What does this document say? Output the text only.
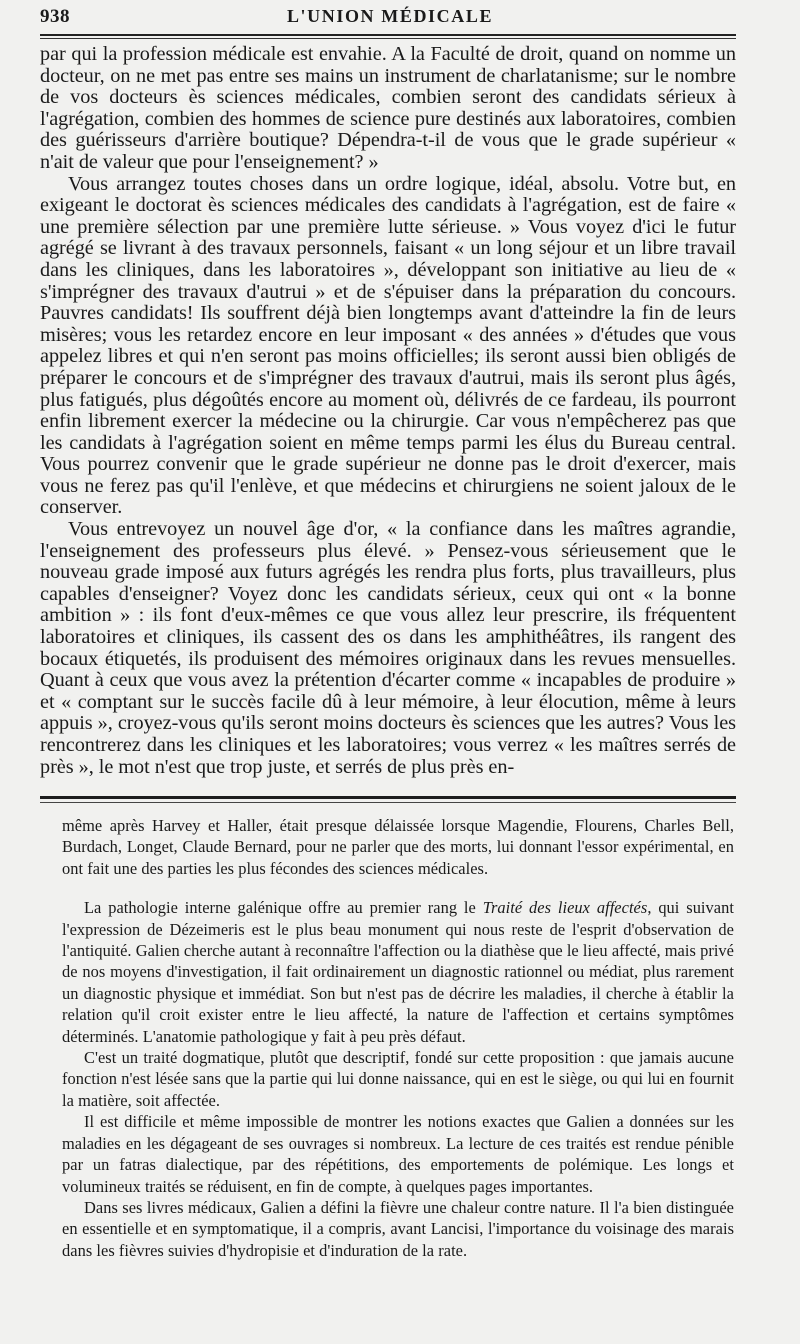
938	L'UNION MÉDICALE

par qui la profession médicale est envahie. A la Faculté de droit, quand on nomme un docteur, on ne met pas entre ses mains un instrument de charlatanisme; sur le nombre de vos docteurs ès sciences médicales, combien seront des candidats sérieux à l'agrégation, combien des hommes de science pure destinés aux laboratoires, combien des guérisseurs d'arrière boutique? Dépendra-t-il de vous que le grade supérieur « n'ait de valeur que pour l'enseignement? »

Vous arrangez toutes choses dans un ordre logique, idéal, absolu. Votre but, en exigeant le doctorat ès sciences médicales des candidats à l'agrégation, est de faire « une première sélection par une première lutte sérieuse. » Vous voyez d'ici le futur agrégé se livrant à des travaux personnels, faisant « un long séjour et un libre travail dans les cliniques, dans les laboratoires », développant son initiative au lieu de « s'imprégner des travaux d'autrui » et de s'épuiser dans la préparation du concours. Pauvres candidats! Ils souffrent déjà bien longtemps avant d'atteindre la fin de leurs misères; vous les retardez encore en leur imposant « des années » d'études que vous appelez libres et qui n'en seront pas moins officielles; ils seront aussi bien obligés de préparer le concours et de s'imprégner des travaux d'autrui, mais ils seront plus âgés, plus fatigués, plus dégoûtés encore au moment où, délivrés de ce fardeau, ils pourront enfin librement exercer la médecine ou la chirurgie. Car vous n'empêcherez pas que les candidats à l'agrégation soient en même temps parmi les élus du Bureau central. Vous pourrez convenir que le grade supérieur ne donne pas le droit d'exercer, mais vous ne ferez pas qu'il l'enlève, et que médecins et chirurgiens ne soient jaloux de le conserver.

Vous entrevoyez un nouvel âge d'or, « la confiance dans les maîtres agrandie, l'enseignement des professeurs plus élevé. » Pensez-vous sérieusement que le nouveau grade imposé aux futurs agrégés les rendra plus forts, plus travailleurs, plus capables d'enseigner? Voyez donc les candidats sérieux, ceux qui ont « la bonne ambition » : ils font d'eux-mêmes ce que vous allez leur prescrire, ils fréquentent laboratoires et cliniques, ils cassent des os dans les amphithéâtres, ils rangent des bocaux étiquetés, ils produisent des mémoires originaux dans les revues mensuelles. Quant à ceux que vous avez la prétention d'écarter comme « incapables de produire » et « comptant sur le succès facile dû à leur mémoire, à leur élocution, même à leurs appuis », croyez-vous qu'ils seront moins docteurs ès sciences que les autres? Vous les rencontrerez dans les cliniques et les laboratoires; vous verrez « les maîtres serrés de près », le mot n'est que trop juste, et serrés de plus près en-

même après Harvey et Haller, était presque délaissée lorsque Magendie, Flourens, Charles Bell, Burdach, Longet, Claude Bernard, pour ne parler que des morts, lui donnant l'essor expérimental, en ont fait une des parties les plus fécondes des sciences médicales.

La pathologie interne galénique offre au premier rang le Traité des lieux affectés, qui suivant l'expression de Dézeimeris est le plus beau monument qui nous reste de l'esprit d'observation de l'antiquité. Galien cherche autant à reconnaître l'affection ou la diathèse que le lieu affecté, mais privé de nos moyens d'investigation, il fait ordinairement un diagnostic rationnel ou médiat, plus rarement un diagnostic physique et immédiat. Son but n'est pas de décrire les maladies, il cherche à établir la relation qu'il croit exister entre le lieu affecté, la nature de l'affection et certains symptômes déterminés. L'anatomie pathologique y fait à peu près défaut.

C'est un traité dogmatique, plutôt que descriptif, fondé sur cette proposition : que jamais aucune fonction n'est lésée sans que la partie qui lui donne naissance, qui en est le siège, ou qui lui en fournit la matière, soit affectée.

Il est difficile et même impossible de montrer les notions exactes que Galien a données sur les maladies en les dégageant de ses ouvrages si nombreux. La lecture de ces traités est rendue pénible par un fatras dialectique, par des répétitions, des emportements de polémique. Les longs et volumineux traités se réduisent, en fin de compte, à quelques pages importantes.

Dans ses livres médicaux, Galien a défini la fièvre une chaleur contre nature. Il l'a bien distinguée en essentielle et en symptomatique, il a compris, avant Lancisi, l'importance du voisinage des marais dans les fièvres suivies d'hydropisie et d'induration de la rate.
